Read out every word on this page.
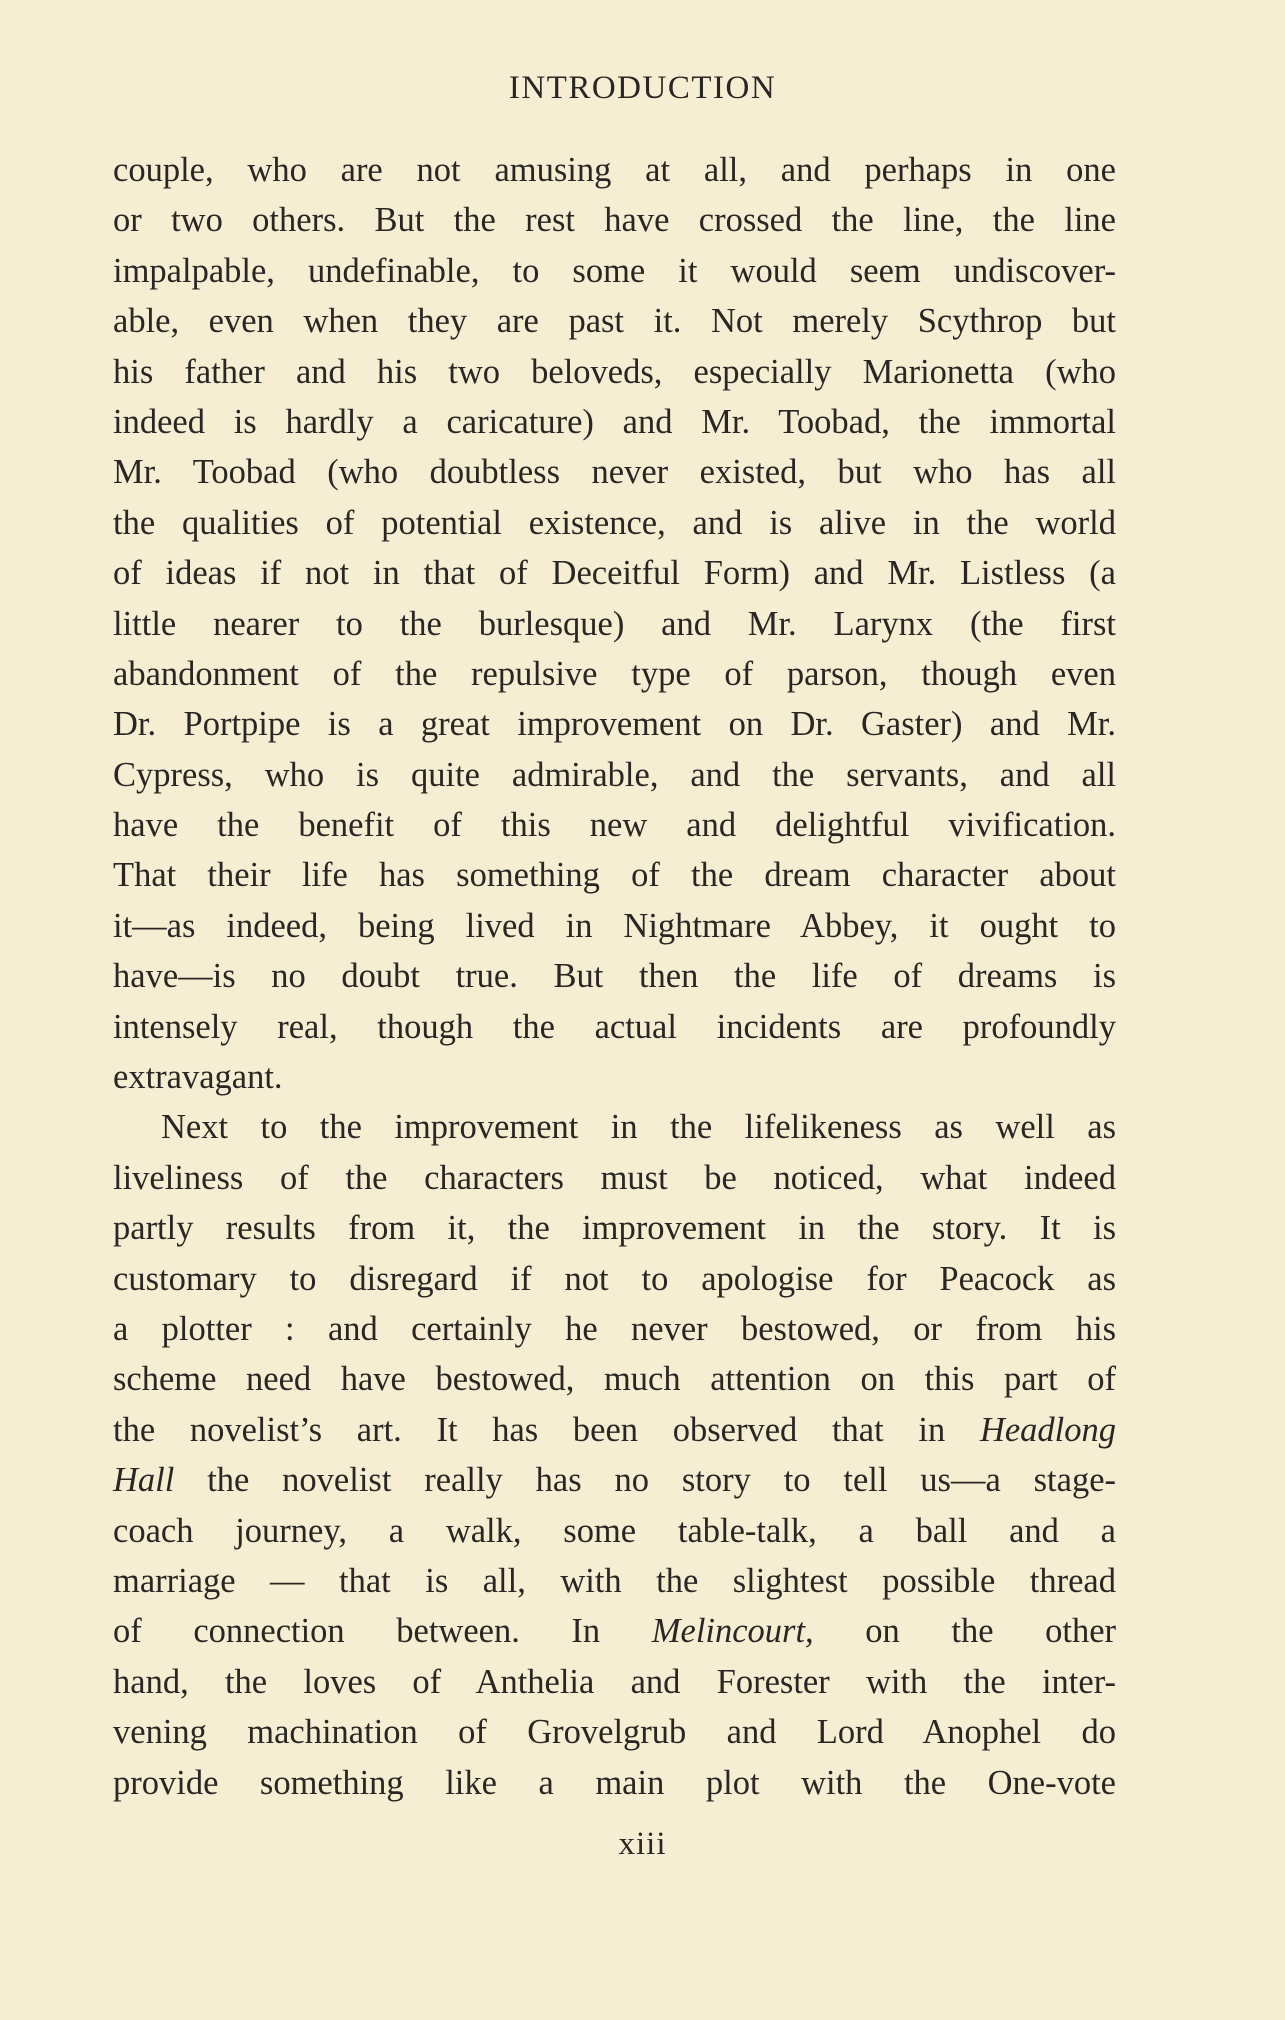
INTRODUCTION
couple, who are not amusing at all, and perhaps in one
or two others. But the rest have crossed the line, the line
impalpable, undefinable, to some it would seem undiscover-
able, even when they are past it. Not merely Scythrop but
his father and his two beloveds, especially Marionetta (who
indeed is hardly a caricature) and Mr. Toobad, the immortal
Mr. Toobad (who doubtless never existed, but who has all
the qualities of potential existence, and is alive in the world
of ideas if not in that of Deceitful Form) and Mr. Listless (a
little nearer to the burlesque) and Mr. Larynx (the first
abandonment of the repulsive type of parson, though even
Dr. Portpipe is a great improvement on Dr. Gaster) and Mr.
Cypress, who is quite admirable, and the servants, and all
have the benefit of this new and delightful vivification.
That their life has something of the dream character about
it—as indeed, being lived in Nightmare Abbey, it ought to
have—is no doubt true. But then the life of dreams is
intensely real, though the actual incidents are profoundly
extravagant.
Next to the improvement in the lifelikeness as well as
liveliness of the characters must be noticed, what indeed
partly results from it, the improvement in the story. It is
customary to disregard if not to apologise for Peacock as
a plotter : and certainly he never bestowed, or from his
scheme need have bestowed, much attention on this part of
the novelist’s art. It has been observed that in Headlong
Hall the novelist really has no story to tell us—a stage-
coach journey, a walk, some table-talk, a ball and a
marriage — that is all, with the slightest possible thread
of connection between. In Melincourt, on the other
hand, the loves of Anthelia and Forester with the inter-
vening machination of Grovelgrub and Lord Anophel do
provide something like a main plot with the One-vote
xiii
